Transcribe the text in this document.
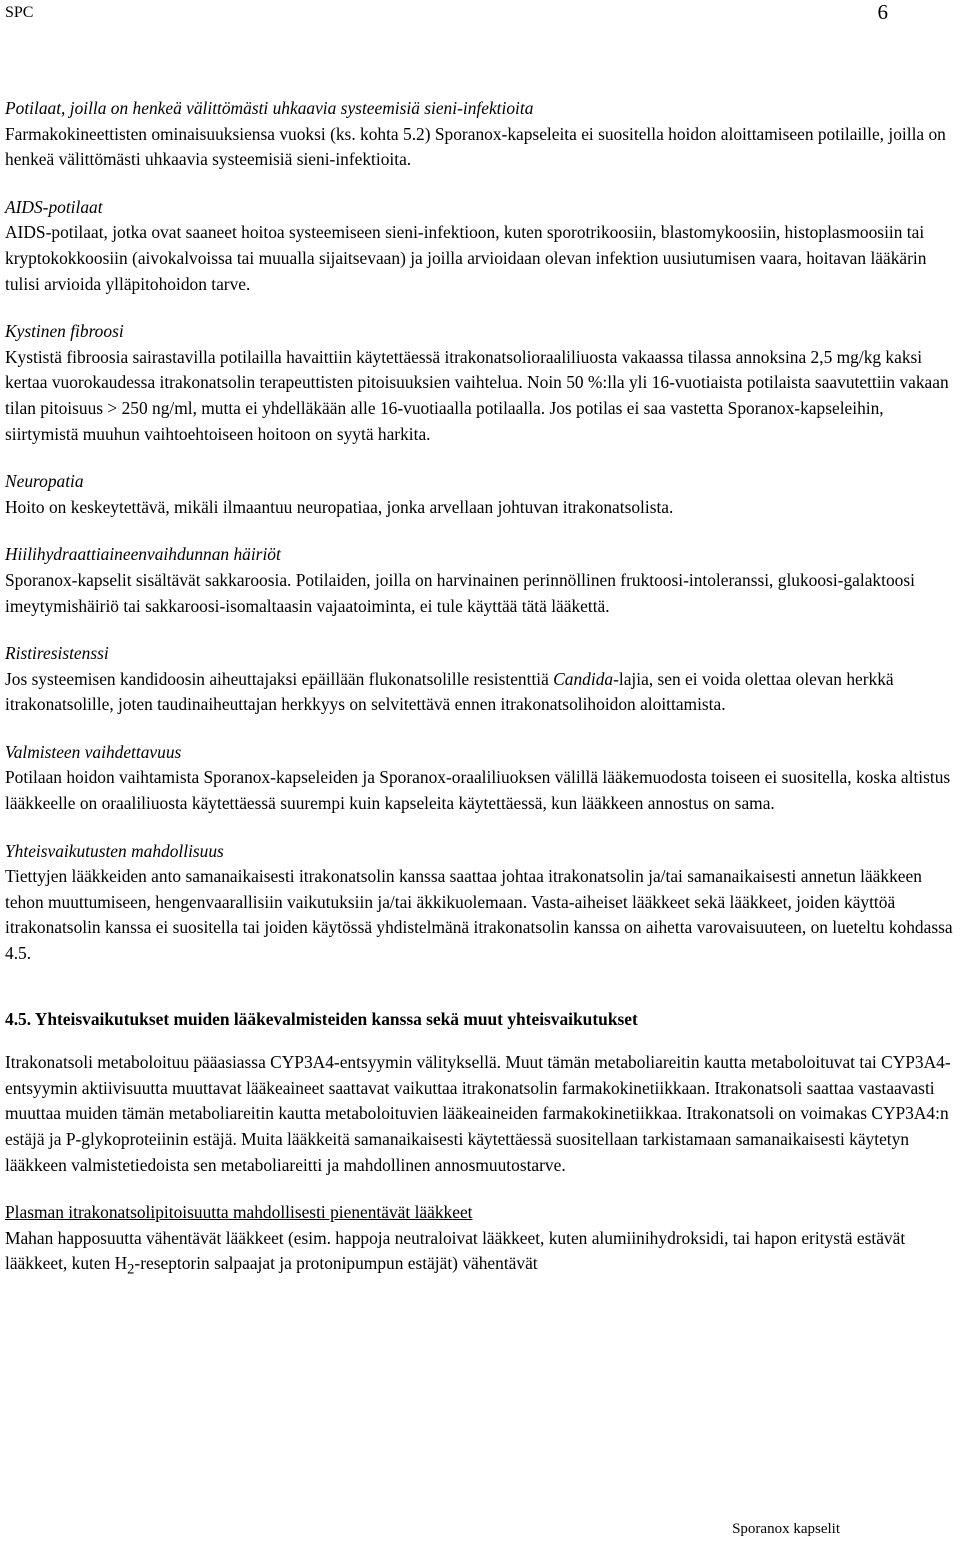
SPC	6

Potilaat, joilla on henkeä välittömästi uhkaavia systeemisiä sieni-infektioita

Farmakokineettisten ominaisuuksiensa vuoksi (ks. kohta 5.2) Sporanox-kapseleita ei suositella hoidon aloittamiseen potilaille, joilla on henkeä välittömästi uhkaavia systeemisiä sieni-infektioita.

AIDS-potilaat

AIDS-potilaat, jotka ovat saaneet hoitoa systeemiseen sieni-infektioon, kuten sporotrikoosiin, blastomykoosiin, histoplasmoosiin tai kryptokokkoosiin (aivokalvoissa tai muualla sijaitsevaan) ja joilla arvioidaan olevan infektion uusiutumisen vaara, hoitavan lääkärin tulisi arvioida ylläpitohoidon tarve.

Kystinen fibroosi

Kystistä fibroosia sairastavilla potilailla havaittiin käytettäessä itrakonatsolioraaliliuosta vakaassa tilassa annoksina 2,5 mg/kg kaksi kertaa vuorokaudessa itrakonatsolin terapeuttisten pitoisuuksien vaihtelua. Noin 50 %:lla yli 16-vuotiaista potilaista saavutettiin vakaan tilan pitoisuus > 250 ng/ml, mutta ei yhdelläkään alle 16-vuotiaalla potilaalla. Jos potilas ei saa vastetta Sporanox-kapseleihin, siirtymistä muuhun vaihtoehtoiseen hoitoon on syytä harkita.

Neuropatia

Hoito on keskeytettävä, mikäli ilmaantuu neuropatiaa, jonka arvellaan johtuvan itrakonatsolista.

Hiilihydraattiaineenvaihdunnan häiriöt

Sporanox-kapselit sisältävät sakkaroosia. Potilaiden, joilla on harvinainen perinnöllinen fruktoosi-intoleranssi, glukoosi-galaktoosi imeytymishäiriö tai sakkaroosi-isomaltaasin vajaatoiminta, ei tule käyttää tätä lääkettä.

Ristiresistenssi

Jos systeemisen kandidoosin aiheuttajaksi epäillään flukonatsolille resistenttiä Candida-lajia, sen ei voida olettaa olevan herkkä itrakonatsolille, joten taudinaiheuttajan herkkyys on selvitettävä ennen itrakonatsolihoidon aloittamista.

Valmisteen vaihdettavuus

Potilaan hoidon vaihtamista Sporanox-kapseleiden ja Sporanox-oraaliliuoksen välillä lääkemuodosta toiseen ei suositella, koska altistus lääkkeelle on oraaliliuosta käytettäessä suurempi kuin kapseleita käytettäessä, kun lääkkeen annostus on sama.

Yhteisvaikutusten mahdollisuus

Tiettyjen lääkkeiden anto samanaikaisesti itrakonatsolin kanssa saattaa johtaa itrakonatsolin ja/tai samanaikaisesti annetun lääkkeen tehon muuttumiseen, hengenvaarallisiin vaikutuksiin ja/tai äkkikuolemaan. Vasta-aiheiset lääkkeet sekä lääkkeet, joiden käyttöä itrakonatsolin kanssa ei suositella tai joiden käytössä yhdistelmänä itrakonatsolin kanssa on aihetta varovaisuuteen, on lueteltu kohdassa 4.5.

4.5. Yhteisvaikutukset muiden lääkevalmisteiden kanssa sekä muut yhteisvaikutukset

Itrakonatsoli metaboloituu pääasiassa CYP3A4-entsyymin välityksellä. Muut tämän metaboliareitin kautta metaboloituvat tai CYP3A4-entsyymin aktiivisuutta muuttavat lääkeaineet saattavat vaikuttaa itrakonatsolin farmakokinetiikkaan. Itrakonatsoli saattaa vastaavasti muuttaa muiden tämän metaboliareitin kautta metaboloituvien lääkeaineiden farmakokinetiikkaa. Itrakonatsoli on voimakas CYP3A4:n estäjä ja P-glykoproteiinin estäjä. Muita lääkkeitä samanaikaisesti käytettäessä suositellaan tarkistamaan samanaikaisesti käytetyn lääkkeen valmistetiedoista sen metaboliareitti ja mahdollinen annosmuutostarve.

Plasman itrakonatsolipitoisuutta mahdollisesti pienentävät lääkkeet

Mahan happosuutta vähentävät lääkkeet (esim. happoja neutraloivat lääkkeet, kuten alumiinihydroksidi, tai hapon eritystä estävät lääkkeet, kuten $H_2$-reseptorin salpaajat ja protonipumpun estäjät) vähentävät

Sporanox kapselit
